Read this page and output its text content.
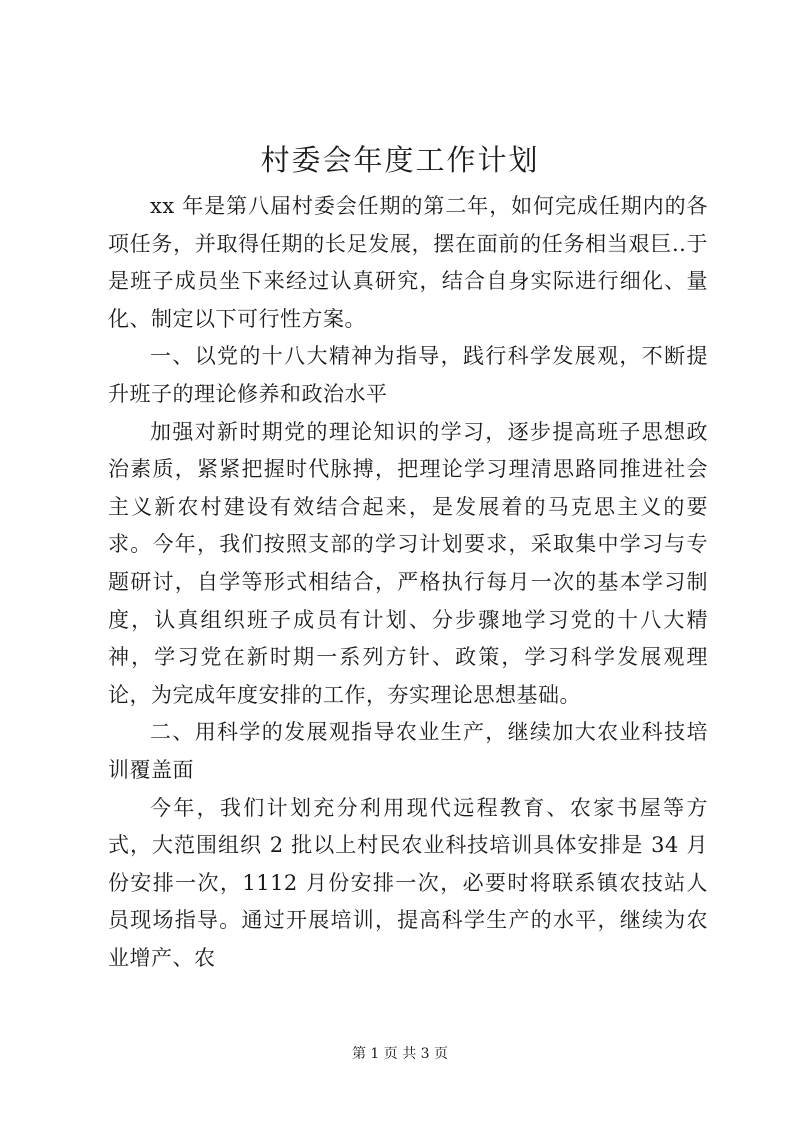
村委会年度工作计划

xx 年是第八届村委会任期的第二年，如何完成任期内的各项任务，并取得任期的长足发展，摆在面前的任务相当艰巨..于是班子成员坐下来经过认真研究，结合自身实际进行细化、量化、制定以下可行性方案。

一、以党的十八大精神为指导，践行科学发展观，不断提升班子的理论修养和政治水平

加强对新时期党的理论知识的学习，逐步提高班子思想政治素质，紧紧把握时代脉搏，把理论学习理清思路同推进社会主义新农村建设有效结合起来，是发展着的马克思主义的要求。今年，我们按照支部的学习计划要求，采取集中学习与专题研讨，自学等形式相结合，严格执行每月一次的基本学习制度，认真组织班子成员有计划、分步骤地学习党的十八大精神，学习党在新时期一系列方针、政策，学习科学发展观理论，为完成年度安排的工作，夯实理论思想基础。

二、用科学的发展观指导农业生产，继续加大农业科技培训覆盖面

今年，我们计划充分利用现代远程教育、农家书屋等方式，大范围组织 2 批以上村民农业科技培训具体安排是 34 月份安排一次，1112 月份安排一次，必要时将联系镇农技站人员现场指导。通过开展培训，提高科学生产的水平，继续为农业增产、农

第 1 页 共 3 页
